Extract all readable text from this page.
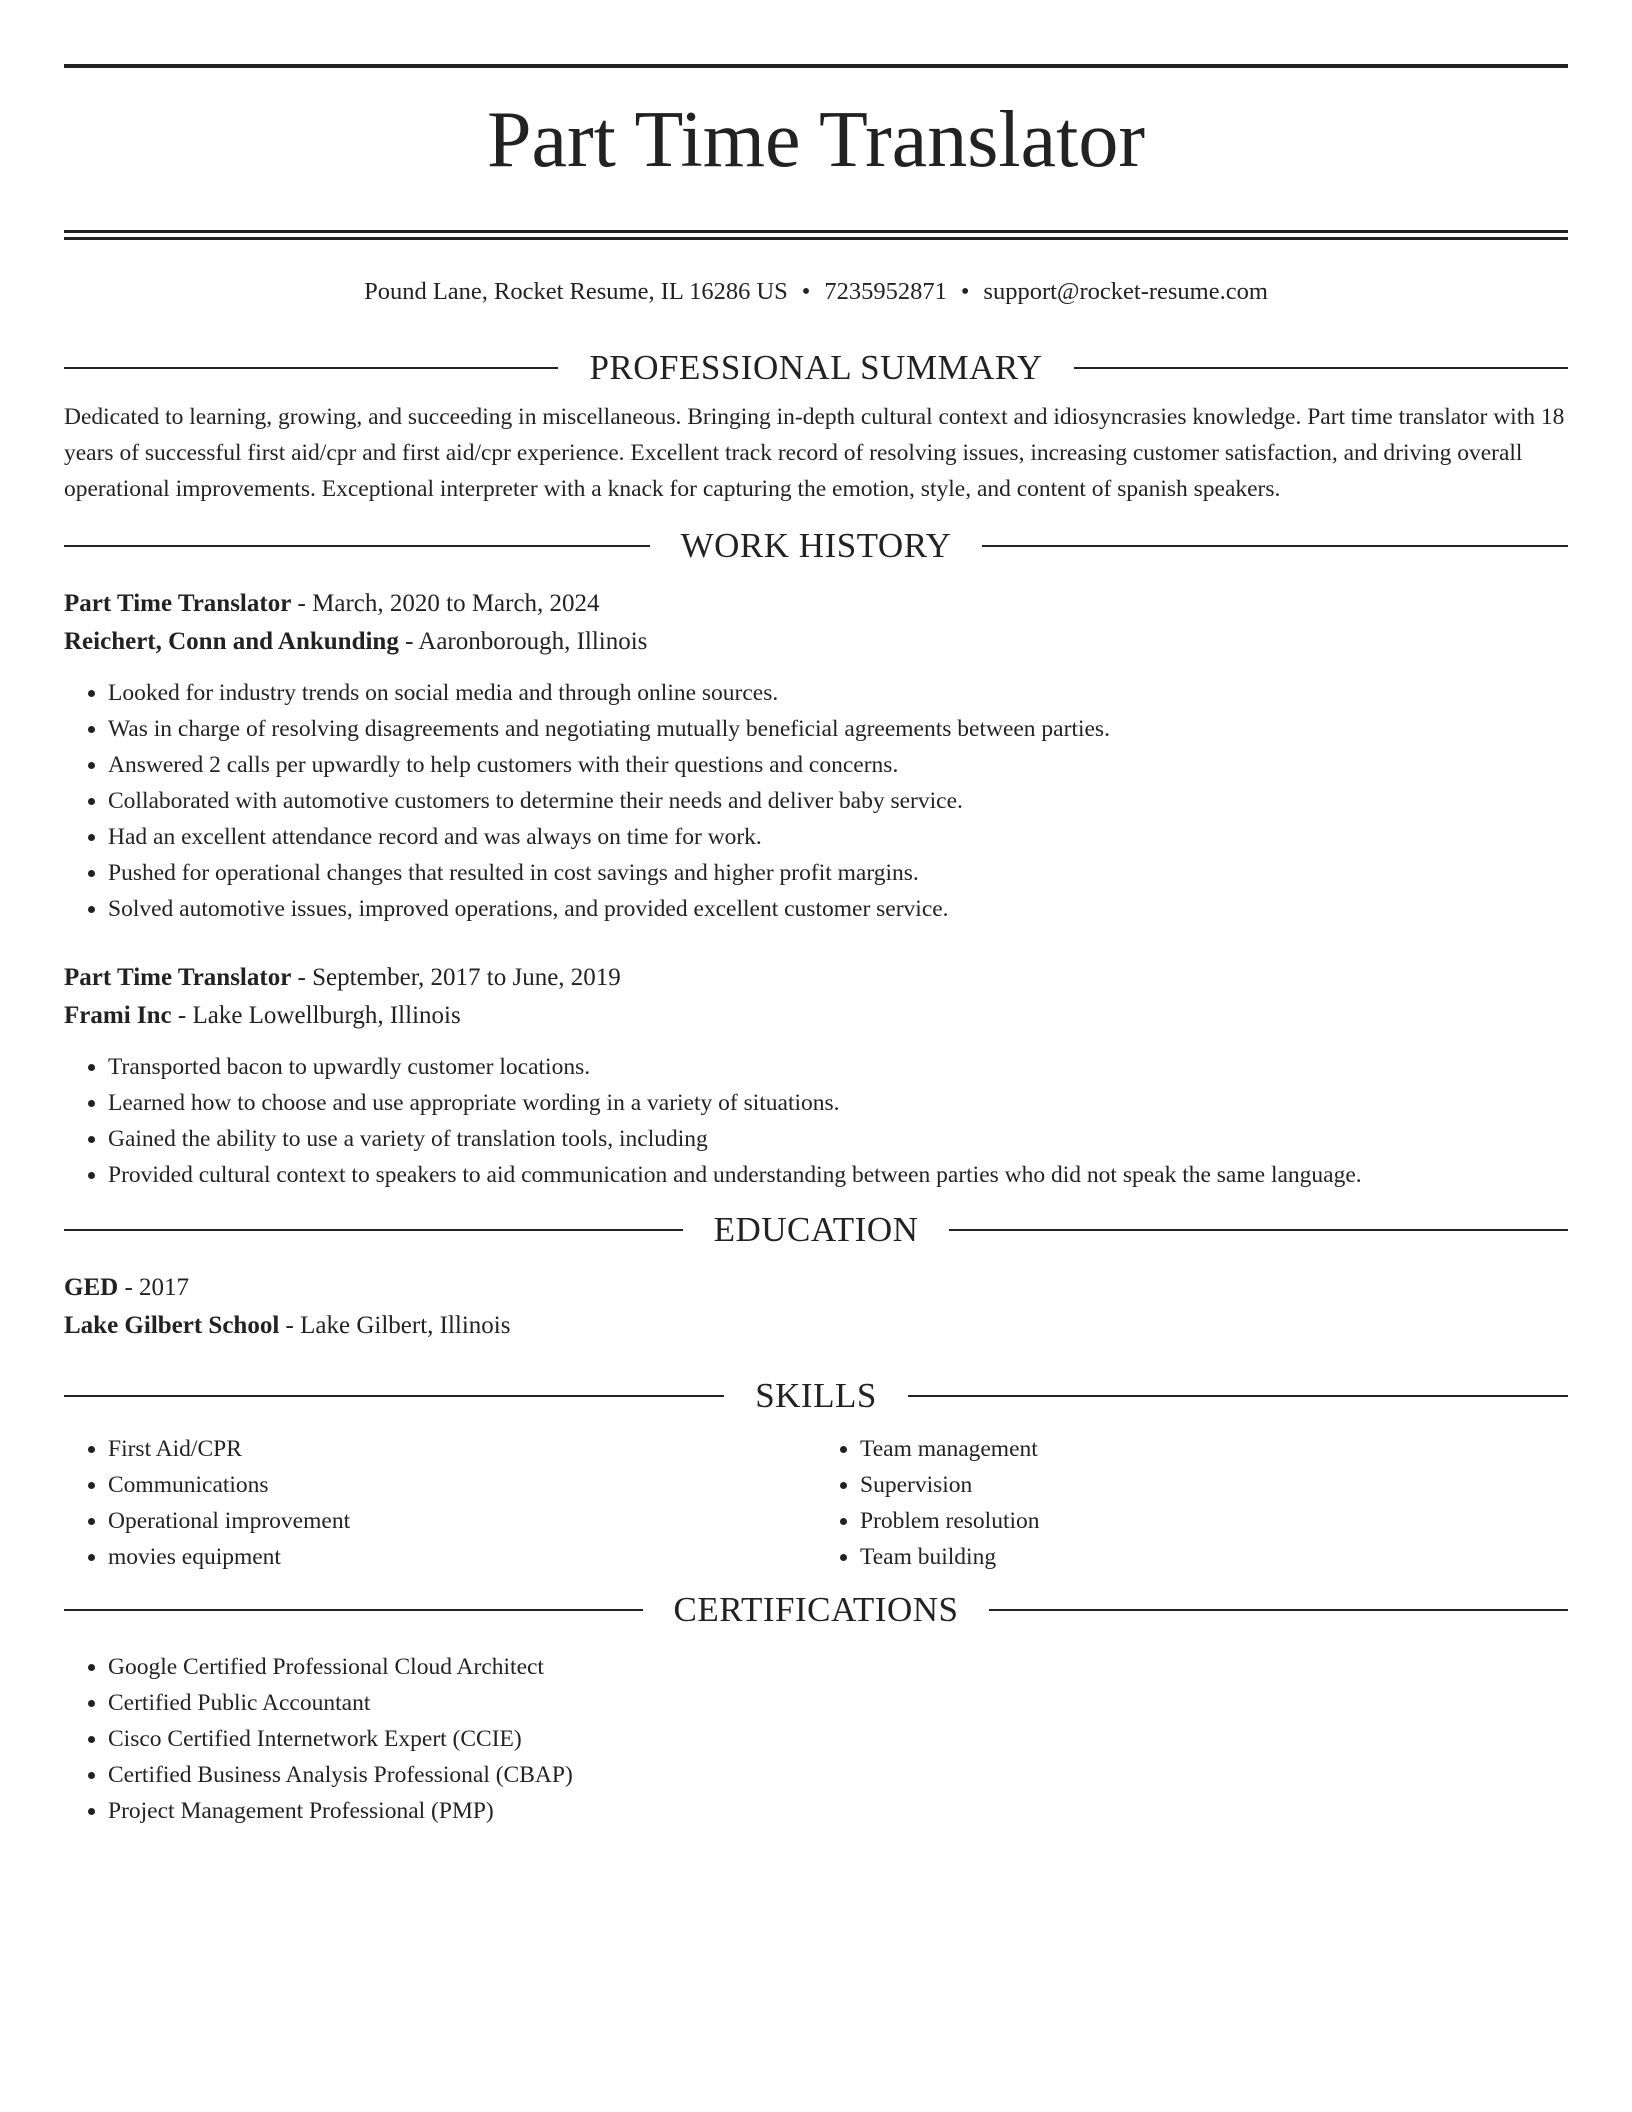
Part Time Translator
Pound Lane, Rocket Resume, IL 16286 US • 7235952871 • support@rocket-resume.com
PROFESSIONAL SUMMARY
Dedicated to learning, growing, and succeeding in miscellaneous. Bringing in-depth cultural context and idiosyncrasies knowledge. Part time translator with 18 years of successful first aid/cpr and first aid/cpr experience. Excellent track record of resolving issues, increasing customer satisfaction, and driving overall operational improvements. Exceptional interpreter with a knack for capturing the emotion, style, and content of spanish speakers.
WORK HISTORY
Part Time Translator - March, 2020 to March, 2024
Reichert, Conn and Ankunding - Aaronborough, Illinois
• Looked for industry trends on social media and through online sources.
• Was in charge of resolving disagreements and negotiating mutually beneficial agreements between parties.
• Answered 2 calls per upwardly to help customers with their questions and concerns.
• Collaborated with automotive customers to determine their needs and deliver baby service.
• Had an excellent attendance record and was always on time for work.
• Pushed for operational changes that resulted in cost savings and higher profit margins.
• Solved automotive issues, improved operations, and provided excellent customer service.
Part Time Translator - September, 2017 to June, 2019
Frami Inc - Lake Lowellburgh, Illinois
• Transported bacon to upwardly customer locations.
• Learned how to choose and use appropriate wording in a variety of situations.
• Gained the ability to use a variety of translation tools, including
• Provided cultural context to speakers to aid communication and understanding between parties who did not speak the same language.
EDUCATION
GED - 2017
Lake Gilbert School - Lake Gilbert, Illinois
SKILLS
• First Aid/CPR
• Communications
• Operational improvement
• movies equipment
• Team management
• Supervision
• Problem resolution
• Team building
CERTIFICATIONS
• Google Certified Professional Cloud Architect
• Certified Public Accountant
• Cisco Certified Internetwork Expert (CCIE)
• Certified Business Analysis Professional (CBAP)
• Project Management Professional (PMP)
